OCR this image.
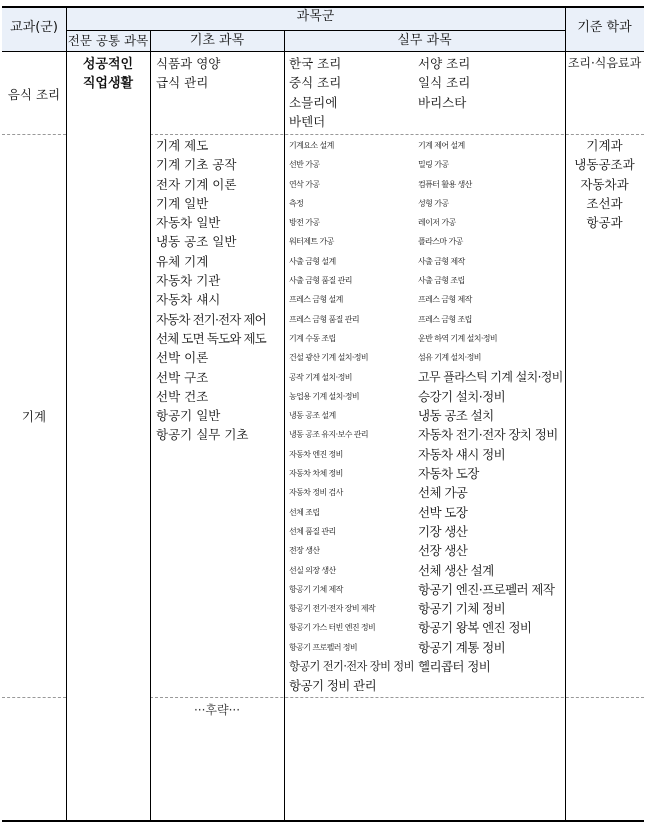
교과(군)
과목군
기준 학과
전문 공통 과목	기초 과목	실무 과목
음식 조리
성공적인
직업생활
식품과 영양
급식 관리
한국 조리
중식 조리
소믈리에
바텐더
서양 조리
일식 조리
바리스타
조리·식음료과
기계
기계 제도
기계 기초 공작
전자 기계 이론
기계 일반
자동차 일반
냉동 공조 일반
유체 기계
자동차 기관
자동차 섀시
자동차 전기·전자 제어
선체 도면 독도와 제도
선박 이론
선박 구조
선박 건조
항공기 일반
항공기 실무 기초
기계요소 설계
선반 가공
연삭 가공
측정
방전 가공
워터제트 가공
사출 금형 설계
사출 금형 품질 관리
프레스 금형 설계
프레스 금형 품질 관리
기계 수동 조립
건설 광산 기계 설치·정비
공작 기계 설치·정비
농업용 기계 설치·정비
냉동 공조 설계
냉동 공조 유지·보수 관리
자동차 엔진 정비
자동차 차체 정비
자동차 정비 검사
선체 조립
선체 품질 관리
전장 생산
선실 의장 생산
항공기 기체 제작
항공기 전기·전자 장비 제작
항공기 가스 터빈 엔진 정비
항공기 프로펠러 정비
항공기 전기·전자 장비 정비
항공기 정비 관리
기계 제어 설계
밀링 가공
컴퓨터 활용 생산
성형 가공
레이저 가공
플라스마 가공
사출 금형 제작
사출 금형 조립
프레스 금형 제작
프레스 금형 조립
운반 하역 기계 설치·정비
섬유 기계 설치·정비
고무 플라스틱 기계 설치·정비
승강기 설치·정비
냉동 공조 설치
자동차 전기·전자 장치 정비
자동차 섀시 정비
자동차 도장
선체 가공
선박 도장
기장 생산
선장 생산
선체 생산 설계
항공기 엔진·프로펠러 제작
항공기 기체 정비
항공기 왕복 엔진 정비
항공기 계통 정비
헬리콥터 정비
기계과
냉동공조과
자동차과
조선과
항공과
···후략···
